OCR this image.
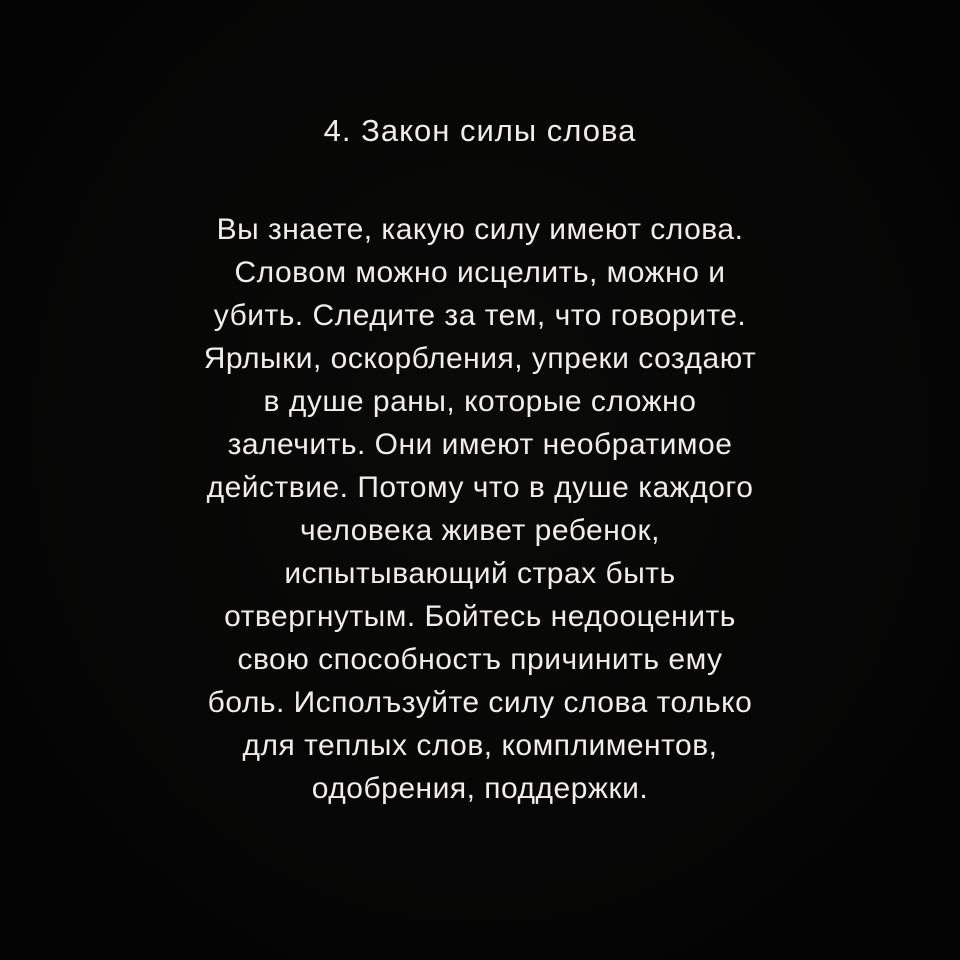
4. Закон силы слова
Вы знаете, какую силу имеют слова.
Словом можно исцелить, можно и
убить. Следите за тем, что говорите.
Ярлыки, оскорбления, упреки создают
в душе раны, которые сложно
залечить. Они имеют необратимое
действие. Потому что в душе каждого
человека живет ребенок,
испытывающий страх быть
отвергнутым. Бойтесь недооценить
свою способностъ причинить ему
боль. Исполъзуйте силу слова только
для теплых слов, комплиментов,
одобрения, поддержки.
